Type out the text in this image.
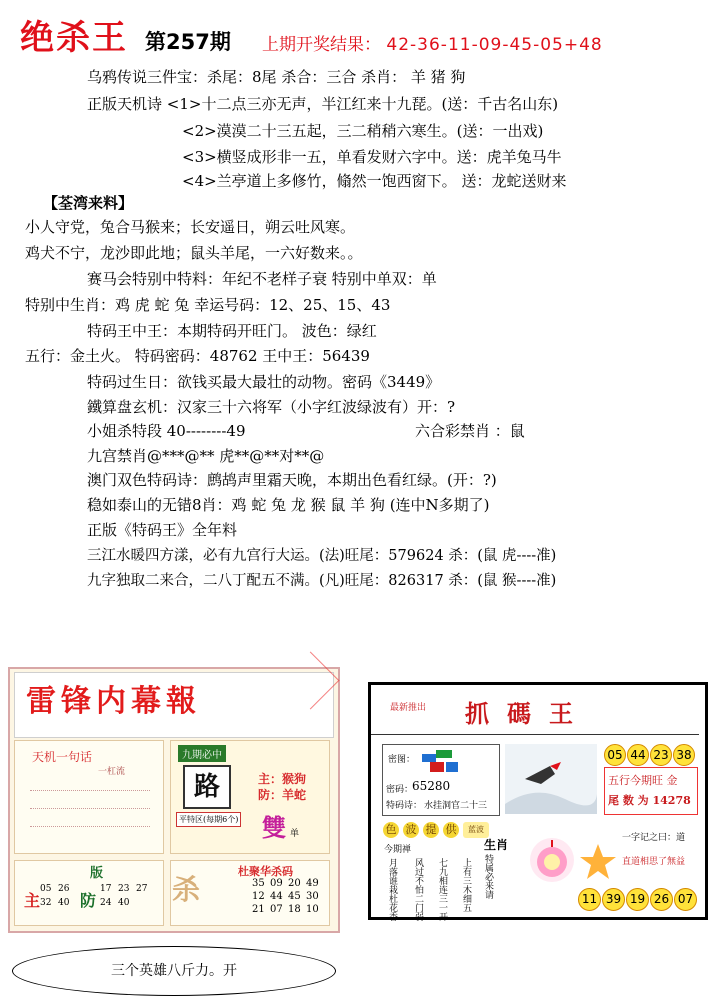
绝杀王 第257期 上期开奖结果： 42-36-11-09-45-05+48
乌鸦传说三件宝：杀尾：8尾 杀合：三合 杀肖： 羊 猪 狗
正版天机诗 <1>十二点三亦无声，半江红来十九琵。(送：千古名山东)
<2>漠漠二十三五起，三二稍稍六寒生。(送：一出戏)
<3>横竖成形非一五，单看发财六字中。送：虎羊兔马牛
<4>兰亭道上多修竹，翛然一饱西窗下。 送：龙蛇送财来
【荃湾来料】
小人守党，兔合马猴来；长安遥日，朔云吐风寒。
鸡犬不宁，龙沙即此地；鼠头羊尾，一六好数来。。
赛马会特别中特料：年纪不老样子衰 特别中单双：单
特别中生肖：鸡 虎 蛇 兔 幸运号码：12、25、15、43
特码王中王：本期特码开旺门。 波色：绿红
五行：金土火。 特码密码：48762 王中王：56439
特码过生日：欲钱买最大最壮的动物。密码《3449》
鐵算盘玄机：汉家三十六将军（小字红波绿波有）开：?
小姐杀特段 40--------49	六合彩禁肖 ：鼠
九宫禁肖@***@** 虎**@**对**@
澳门双色特码诗：鹧鸪声里霜天晚，本期出色看红绿。(开：?)
稳如泰山的无错8肖：鸡 蛇 兔 龙 猴 鼠 羊 狗 (连中N多期了)
正版《特码王》全年料
三江水暖四方漾，必有九宫行大运。(法)旺尾：579624 杀：(鼠 虎----准)
九字独取二来合，二八丁配五不满。(凡)旺尾：826317 杀：(鼠 猴----准)
雷锋内幕報
天机一句话
一杠流
九期必中
路
平特区(每期6个)
主：猴狗
防：羊蛇
雙 单
版
主 防
05 26
32 40
17 23 27
24 40 杀
杜聚华杀码
35 09 20 49
12 44 45 30
21 07 18 10
最新推出 抓碼王
密图：
密码：
65280
特码诗： 水挂洞官二十三
五行今期旺 金
尾 数 为 14278
05 44 23 38
色 波 提 供	蓝波
今期禅
月落谁栽杜花香 风过不怕二门弱 七九相连三一开 上有三木细五
生肖
特属必来请
一字记之曰：道
直道相思了無益
11 39 19 26 07
三个英雄八斤力。开
